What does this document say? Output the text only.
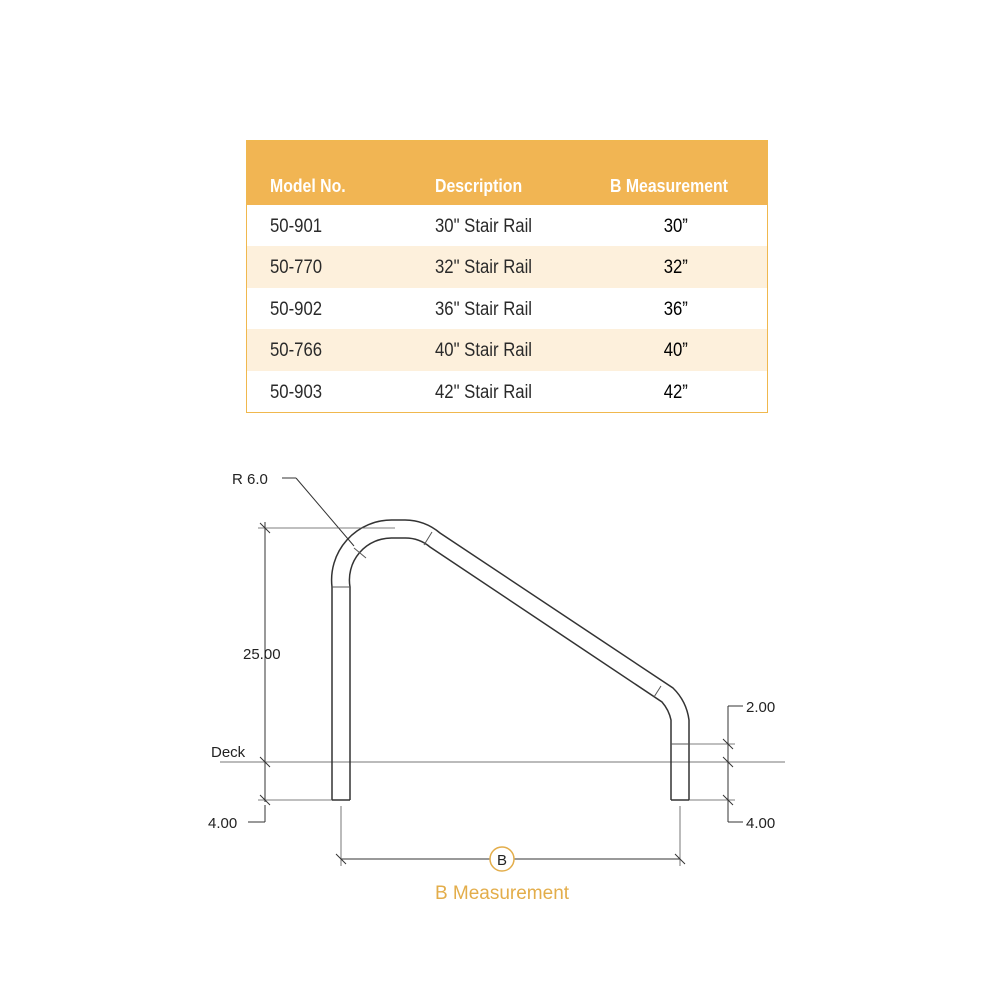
Model No.	Description	B Measurement
50-901	30" Stair Rail	30”
50-770	32" Stair Rail	32”
50-902	36" Stair Rail	36”
50-766	40" Stair Rail	40”
50-903	42" Stair Rail	42”
R 6.0
25.00
Deck
4.00
2.00
4.00
B
B Measurement
